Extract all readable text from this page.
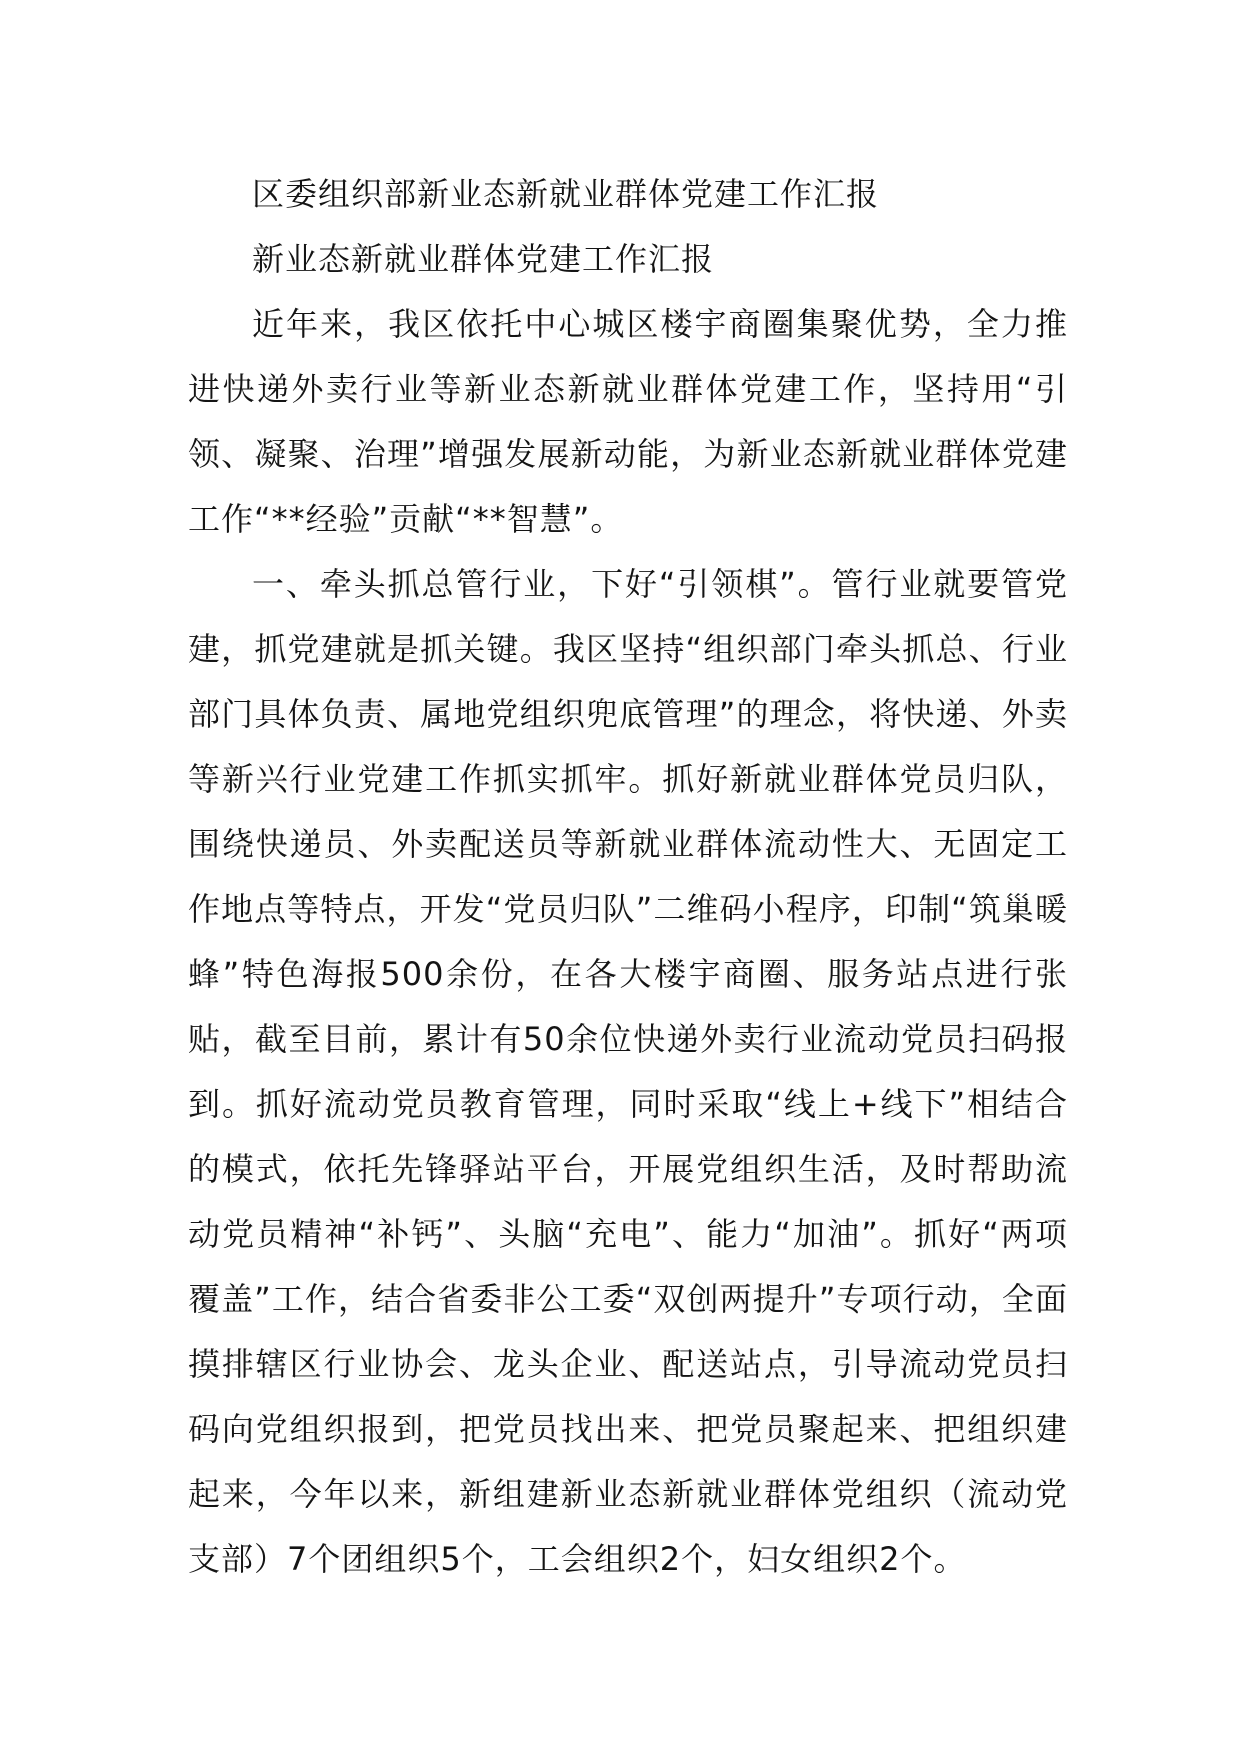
区委组织部新业态新就业群体党建工作汇报

新业态新就业群体党建工作汇报

近年来，我区依托中心城区楼宇商圈集聚优势，全力推进快递外卖行业等新业态新就业群体党建工作，坚持用“引领、凝聚、治理”增强发展新动能，为新业态新就业群体党建工作“**经验”贡献“**智慧”。

一、牵头抓总管行业，下好“引领棋”。管行业就要管党建，抓党建就是抓关键。我区坚持“组织部门牵头抓总、行业部门具体负责、属地党组织兜底管理”的理念，将快递、外卖等新兴行业党建工作抓实抓牢。抓好新就业群体党员归队，围绕快递员、外卖配送员等新就业群体流动性大、无固定工作地点等特点，开发“党员归队”二维码小程序，印制“筑巢暖蜂”特色海报500余份，在各大楼宇商圈、服务站点进行张贴，截至目前，累计有50余位快递外卖行业流动党员扫码报到。抓好流动党员教育管理，同时采取“线上+线下”相结合的模式，依托先锋驿站平台，开展党组织生活，及时帮助流动党员精神“补钙”、头脑“充电”、能力“加油”。抓好“两项覆盖”工作，结合省委非公工委“双创两提升”专项行动，全面摸排辖区行业协会、龙头企业、配送站点，引导流动党员扫码向党组织报到，把党员找出来、把党员聚起来、把组织建起来，今年以来，新组建新业态新就业群体党组织（流动党支部）7个团组织5个，工会组织2个，妇女组织2个。
